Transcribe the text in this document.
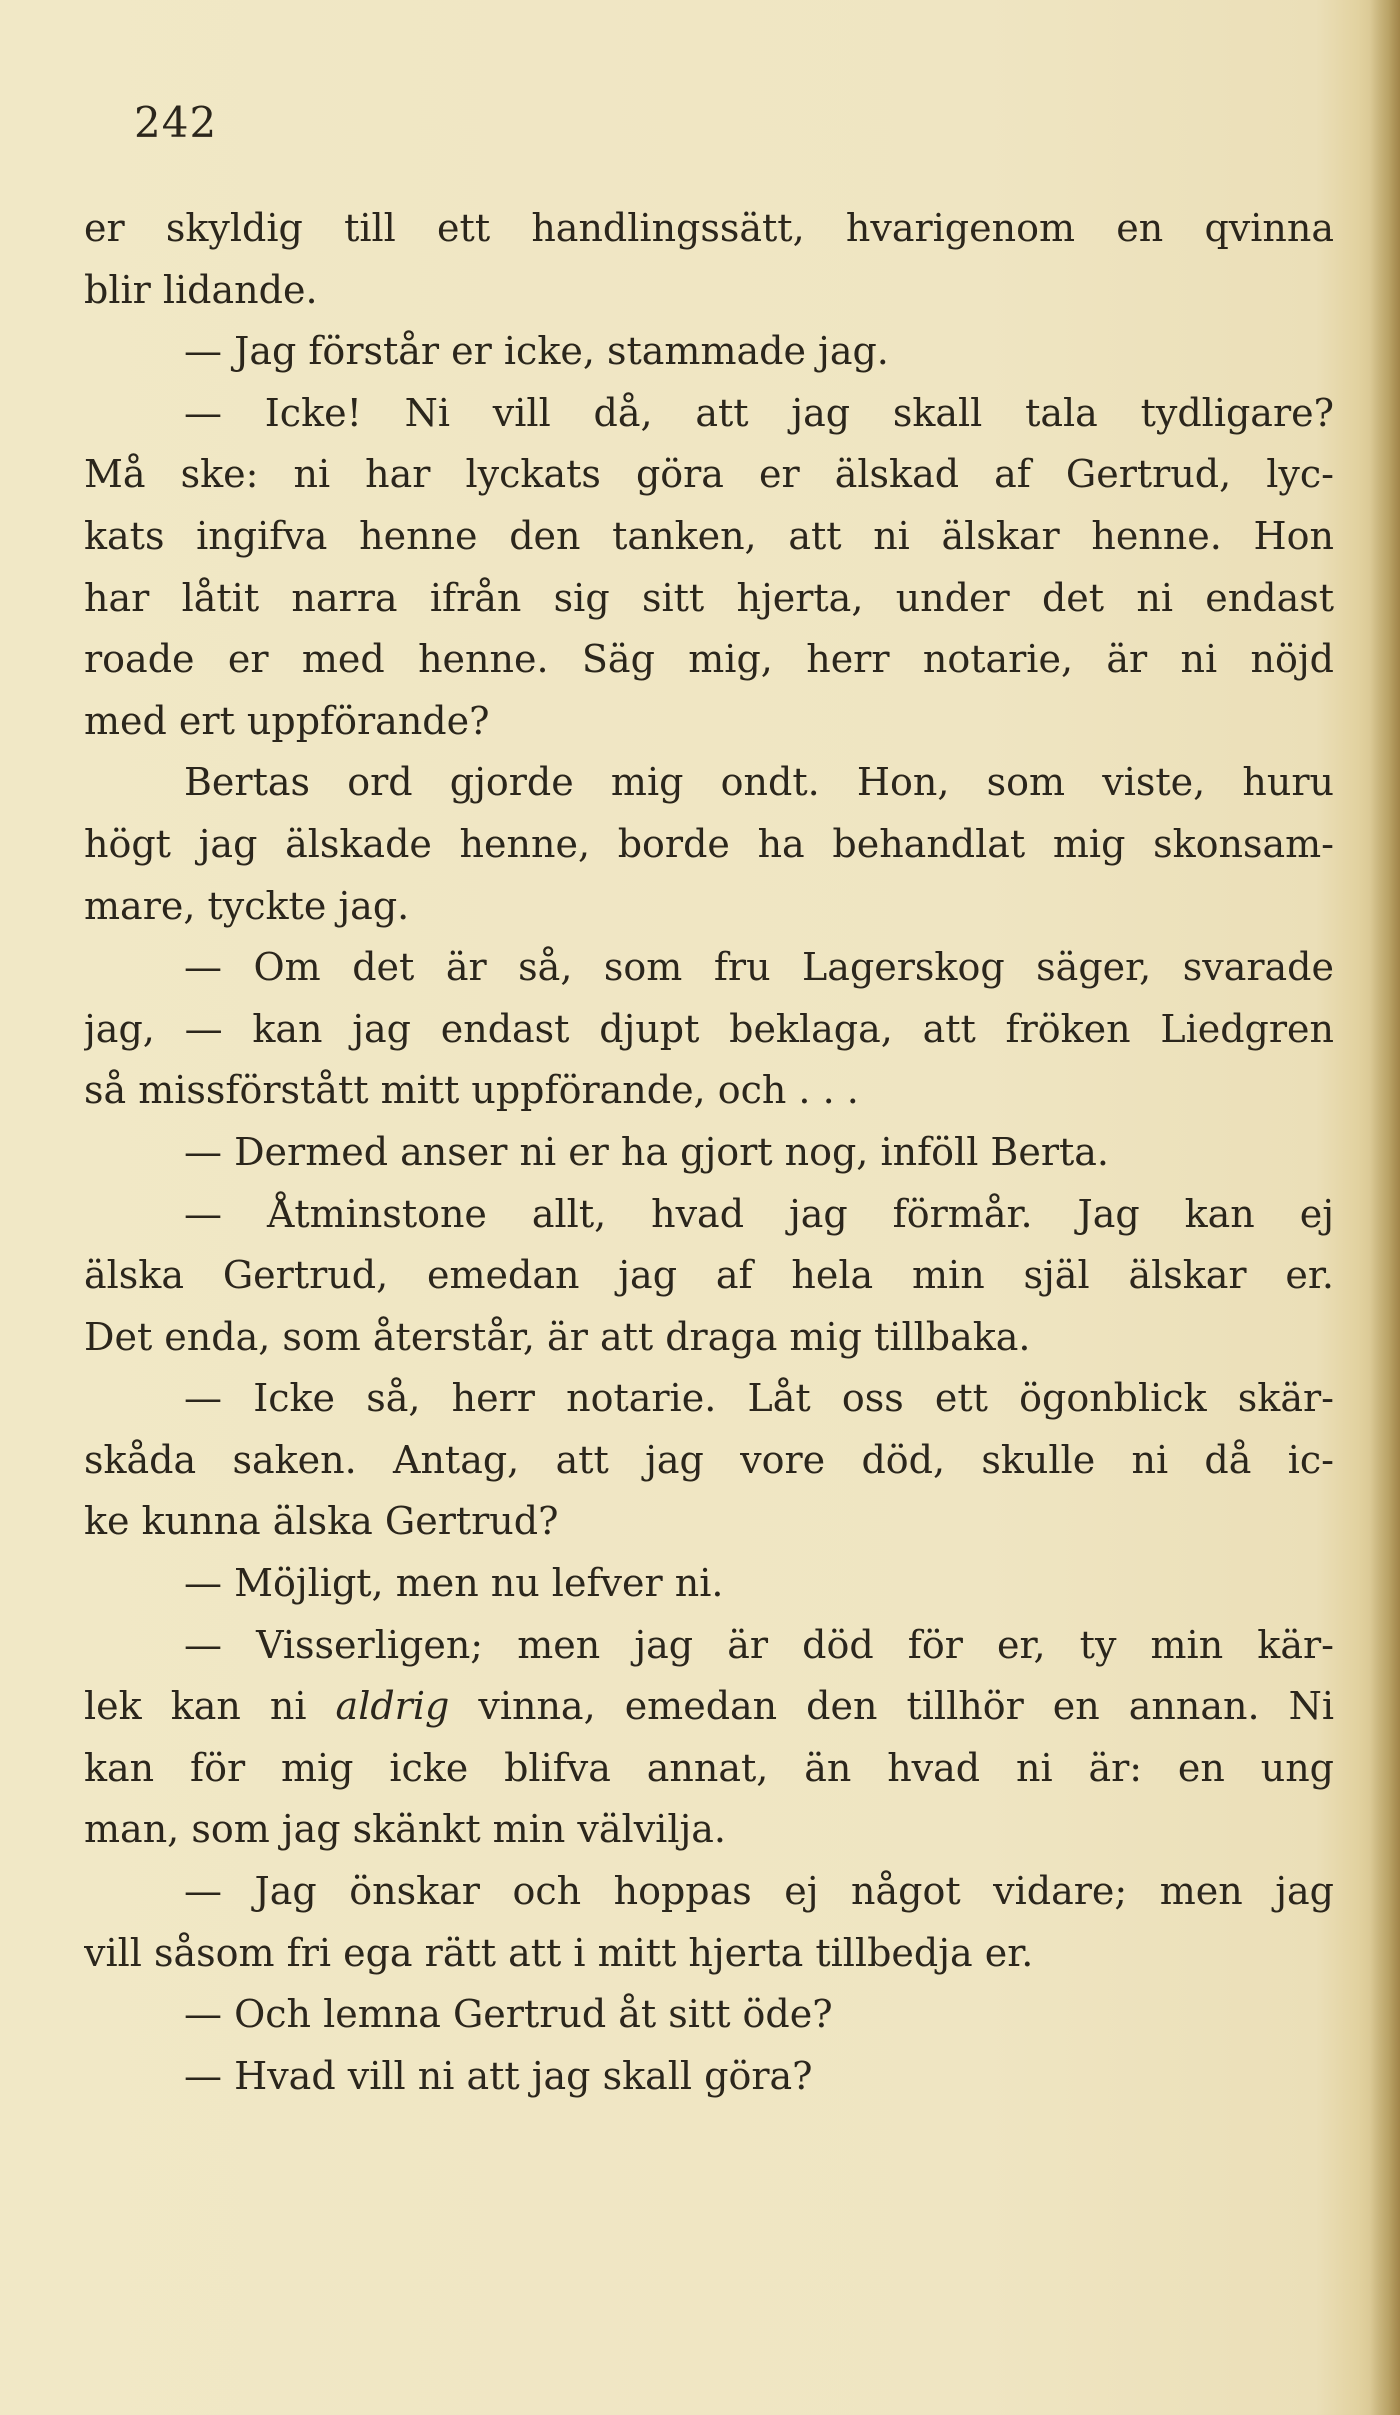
242
er skyldig till ett handlingssätt, hvarigenom en qvinna
blir lidande.
— Jag förstår er icke, stammade jag.
— Icke! Ni vill då, att jag skall tala tydligare?
Må ske: ni har lyckats göra er älskad af Gertrud, lyc-
kats ingifva henne den tanken, att ni älskar henne. Hon
har låtit narra ifrån sig sitt hjerta, under det ni endast
roade er med henne. Säg mig, herr notarie, är ni nöjd
med ert uppförande?
Bertas ord gjorde mig ondt. Hon, som viste, huru
högt jag älskade henne, borde ha behandlat mig skonsam-
mare, tyckte jag.
— Om det är så, som fru Lagerskog säger, svarade
jag, — kan jag endast djupt beklaga, att fröken Liedgren
så missförstått mitt uppförande, och . . .
— Dermed anser ni er ha gjort nog, inföll Berta.
— Åtminstone allt, hvad jag förmår. Jag kan ej
älska Gertrud, emedan jag af hela min själ älskar er.
Det enda, som återstår, är att draga mig tillbaka.
— Icke så, herr notarie. Låt oss ett ögonblick skär-
skåda saken. Antag, att jag vore död, skulle ni då ic-
ke kunna älska Gertrud?
— Möjligt, men nu lefver ni.
— Visserligen; men jag är död för er, ty min kär-
lek kan ni aldrig vinna, emedan den tillhör en annan. Ni
kan för mig icke blifva annat, än hvad ni är: en ung
man, som jag skänkt min välvilja.
— Jag önskar och hoppas ej något vidare; men jag
vill såsom fri ega rätt att i mitt hjerta tillbedja er.
— Och lemna Gertrud åt sitt öde?
— Hvad vill ni att jag skall göra?
